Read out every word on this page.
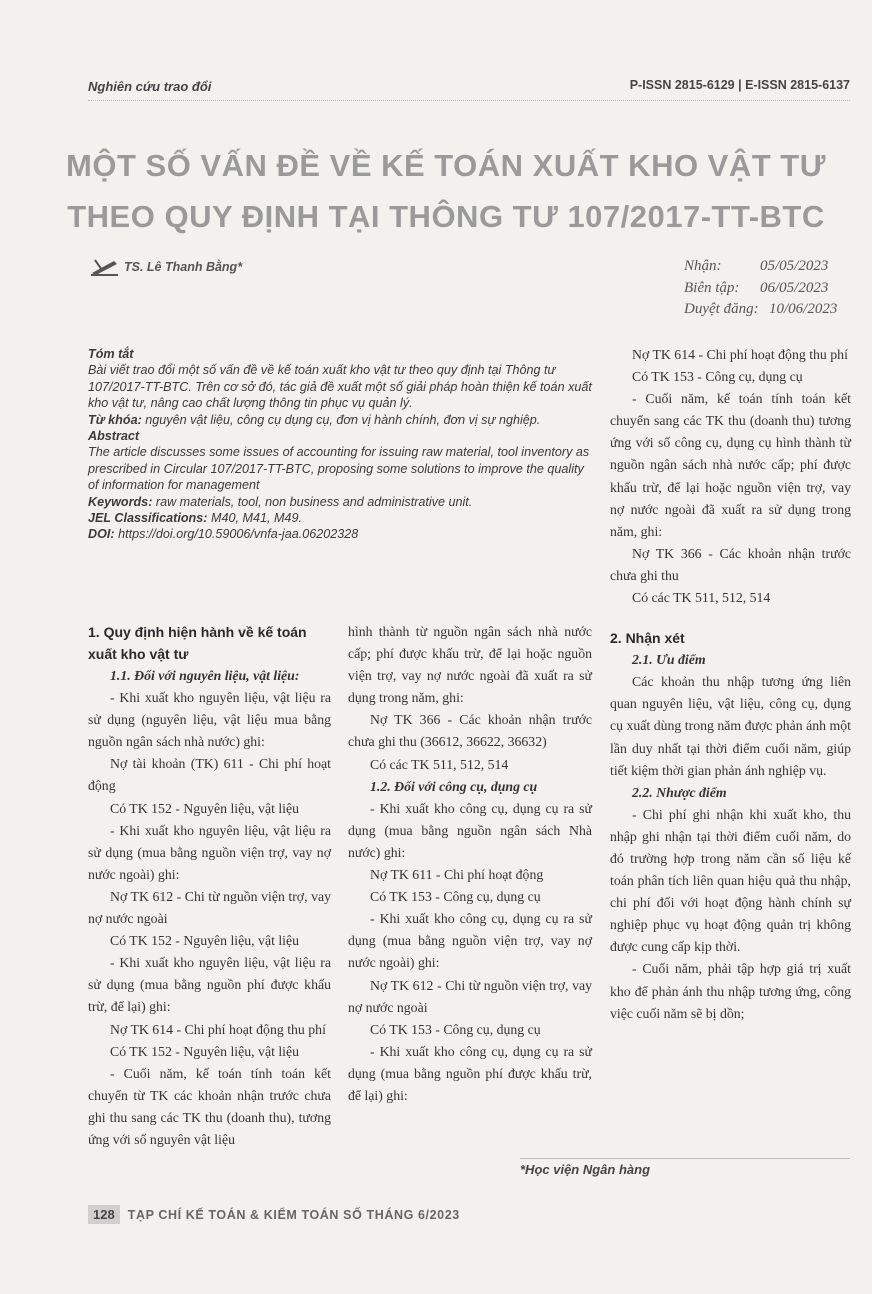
Nghiên cứu trao đổi	P-ISSN 2815-6129 | E-ISSN 2815-6137
MỘT SỐ VẤN ĐỀ VỀ KẾ TOÁN XUẤT KHO VẬT TƯ
THEO QUY ĐỊNH TẠI THÔNG TƯ 107/2017-TT-BTC
TS. Lê Thanh Bằng*	Nhận:	05/05/2023
Biên tập:	06/05/2023
Duyệt đăng: 10/06/2023

Tóm tắt

Bài viết trao đổi một số vấn đề về kế toán xuất kho vật tư theo quy định tại Thông tư 107/2017-TT-BTC. Trên cơ sở đó, tác giả đề xuất một số giải pháp hoàn thiện kế toán xuất kho vật tư, nâng cao chất lượng thông tin phục vụ quản lý.

Từ khóa: nguyên vật liệu, công cụ dụng cụ, đơn vị hành chính, đơn vị sự nghiệp.

Abstract

The article discusses some issues of accounting for issuing raw material, tool inventory as prescribed in Circular 107/2017-TT-BTC, proposing some solutions to improve the quality of information for management

Keywords: raw materials, tool, non business and administrative unit.

JEL Classifications: M40, M41, M49.

DOI: https://doi.org/10.59006/vnfa-jaa.06202328

1. Quy định hiện hành về kế toán xuất kho vật tư

1.1. Đối với nguyên liệu, vật liệu:

- Khi xuất kho nguyên liệu, vật liệu ra sử dụng (nguyên liệu, vật liệu mua bằng nguồn ngân sách nhà nước) ghi:

Nợ tài khoản (TK) 611 - Chi phí hoạt động

Có TK 152 - Nguyên liệu, vật liệu

- Khi xuất kho nguyên liệu, vật liệu ra sử dụng (mua bằng nguồn viện trợ, vay nợ nước ngoài) ghi:

Nợ TK 612 - Chi từ nguồn viện trợ, vay nợ nước ngoài

Có TK 152 - Nguyên liệu, vật liệu

- Khi xuất kho nguyên liệu, vật liệu ra sử dụng (mua bằng nguồn phí được khấu trừ, để lại) ghi:

Nợ TK 614 - Chi phí hoạt động thu phí

Có TK 152 - Nguyên liệu, vật liệu

- Cuối năm, kế toán tính toán kết chuyển từ TK các khoản nhận trước chưa ghi thu sang các TK thu (doanh thu), tương ứng với số nguyên vật liệu

hình thành từ nguồn ngân sách nhà nước cấp; phí được khấu trừ, để lại hoặc nguồn viện trợ, vay nợ nước ngoài đã xuất ra sử dụng trong năm, ghi:

Nợ TK 366 - Các khoản nhận trước chưa ghi thu (36612, 36622, 36632)

Có các TK 511, 512, 514

1.2. Đối với công cụ, dụng cụ

- Khi xuất kho công cụ, dụng cụ ra sử dụng (mua bằng nguồn ngân sách Nhà nước) ghi:

Nợ TK 611 - Chi phí hoạt động

Có TK 153 - Công cụ, dụng cụ

- Khi xuất kho công cụ, dụng cụ ra sử dụng (mua bằng nguồn viện trợ, vay nợ nước ngoài) ghi:

Nợ TK 612 - Chi từ nguồn viện trợ, vay nợ nước ngoài

Có TK 153 - Công cụ, dụng cụ

- Khi xuất kho công cụ, dụng cụ ra sử dụng (mua bằng nguồn phí được khấu trừ, để lại) ghi:

Nợ TK 614 - Chi phí hoạt động thu phí

Có TK 153 - Công cụ, dụng cụ

- Cuối năm, kế toán tính toán kết chuyển sang các TK thu (doanh thu) tương ứng với số công cụ, dụng cụ hình thành từ nguồn ngân sách nhà nước cấp; phí được khấu trừ, để lại hoặc nguồn viện trợ, vay nợ nước ngoài đã xuất ra sử dụng trong năm, ghi:

Nợ TK 366 - Các khoản nhận trước chưa ghi thu

Có các TK 511, 512, 514

2. Nhận xét

2.1. Ưu điểm

Các khoản thu nhập tương ứng liên quan nguyên liệu, vật liệu, công cụ, dụng cụ xuất dùng trong năm được phản ánh một lần duy nhất tại thời điểm cuối năm, giúp tiết kiệm thời gian phản ánh nghiệp vụ.

2.2. Nhược điểm

- Chi phí ghi nhận khi xuất kho, thu nhập ghi nhận tại thời điểm cuối năm, do đó trường hợp trong năm cần số liệu kế toán phân tích liên quan hiệu quả thu nhập, chi phí đối với hoạt động hành chính sự nghiệp phục vụ hoạt động quản trị không được cung cấp kịp thời.

- Cuối năm, phải tập hợp giá trị xuất kho để phản ánh thu nhập tương ứng, công việc cuối năm sẽ bị dồn;

*Học viện Ngân hàng
128	TẠP CHÍ KẾ TOÁN & KIỂM TOÁN SỐ THÁNG 6/2023
